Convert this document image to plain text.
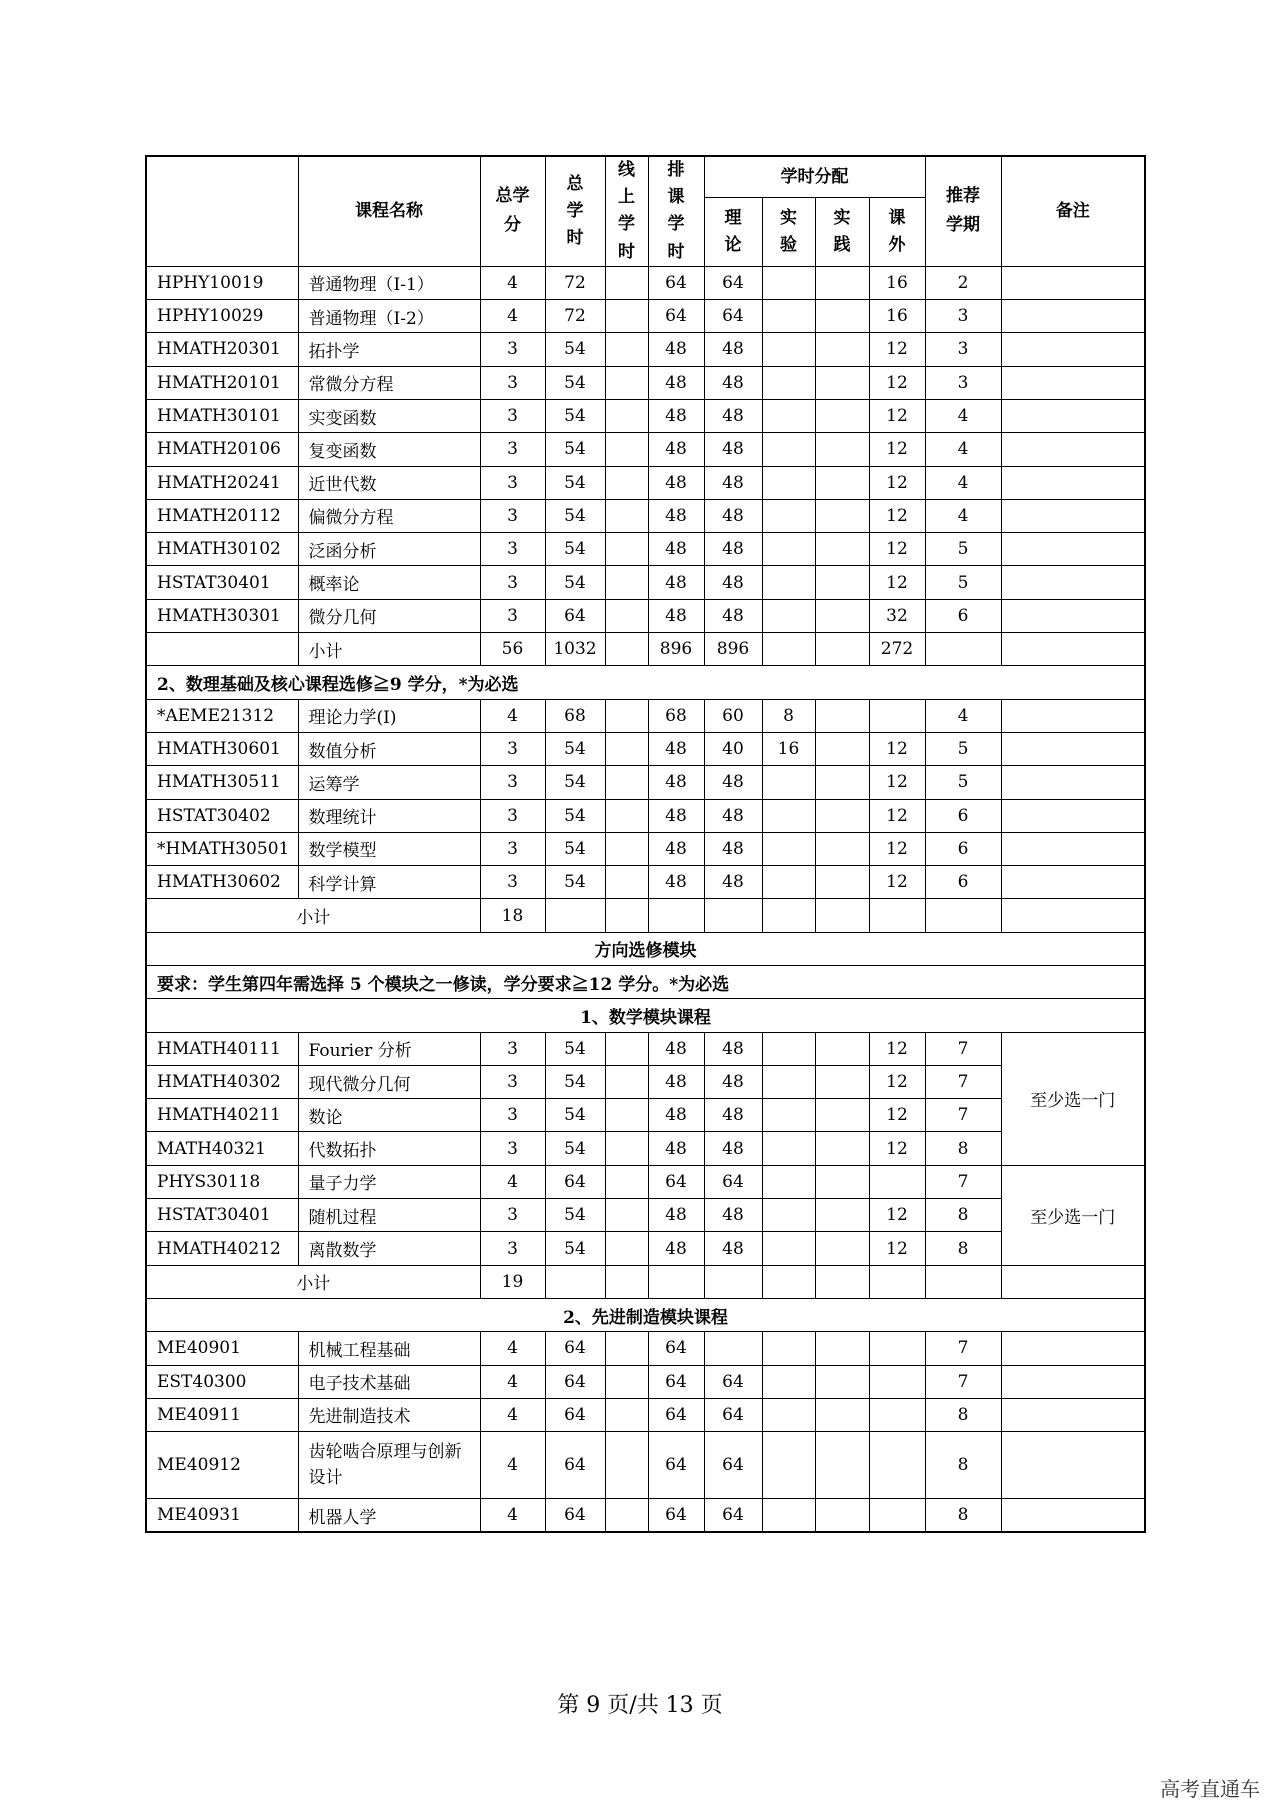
	课程名称	总学分	总学时	线上学时	排课学时	学时分配				推荐学期	备注
						理论	实验	实践	课外		
HPHY10019	普通物理（I-1）	4	72		64	64			16	2	
HPHY10029	普通物理（I-2）	4	72		64	64			16	3	
HMATH20301	拓扑学	3	54		48	48			12	3	
HMATH20101	常微分方程	3	54		48	48			12	3	
HMATH30101	实变函数	3	54		48	48			12	4	
HMATH20106	复变函数	3	54		48	48			12	4	
HMATH20241	近世代数	3	54		48	48			12	4	
HMATH20112	偏微分方程	3	54		48	48			12	4	
HMATH30102	泛函分析	3	54		48	48			12	5	
HSTAT30401	概率论	3	54		48	48			12	5	
HMATH30301	微分几何	3	64		48	48			32	6	
	小计	56	1032		896	896			272		
2、数理基础及核心课程选修≧9 学分，*为必选											
*AEME21312	理论力学(I)	4	68		68	60	8			4	
HMATH30601	数值分析	3	54		48	40	16		12	5	
HMATH30511	运筹学	3	54		48	48			12	5	
HSTAT30402	数理统计	3	54		48	48			12	6	
*HMATH30501	数学模型	3	54		48	48			12	6	
HMATH30602	科学计算	3	54		48	48			12	6	
小计		18									
方向选修模块											
要求：学生第四年需选择 5 个模块之一修读，学分要求≧12 学分。*为必选											
1、数学模块课程											
HMATH40111	Fourier 分析	3	54		48	48			12	7	至少选一门
HMATH40302	现代微分几何	3	54		48	48			12	7	
HMATH40211	数论	3	54		48	48			12	7	
MATH40321	代数拓扑	3	54		48	48			12	8	
PHYS30118	量子力学	4	64		64	64				7	至少选一门
HSTAT30401	随机过程	3	54		48	48			12	8	
HMATH40212	离散数学	3	54		48	48			12	8	
小计		19									
2、先进制造模块课程											
ME40901	机械工程基础	4	64		64					7	
EST40300	电子技术基础	4	64		64	64				7	
ME40911	先进制造技术	4	64		64	64				8	
ME40912	齿轮啮合原理与创新设计	4	64		64	64				8	
ME40931	机器人学	4	64		64	64				8	
第 9 页/共 13 页
高考直通车
